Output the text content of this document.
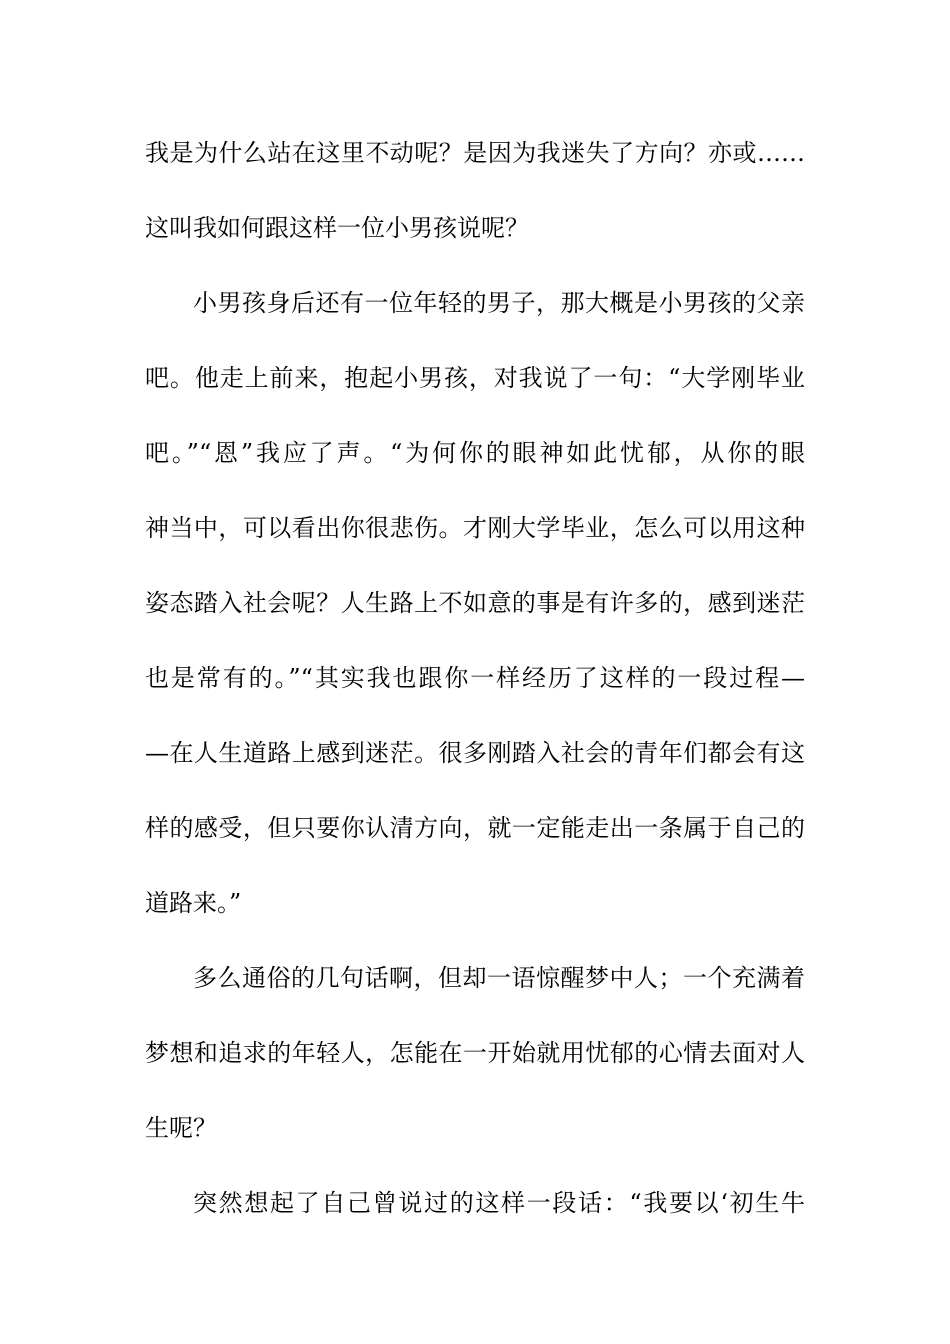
我是为什么站在这里不动呢？是因为我迷失了方向？亦或……
这叫我如何跟这样一位小男孩说呢？
小男孩身后还有一位年轻的男子，那大概是小男孩的父亲
吧。他走上前来，抱起小男孩，对我说了一句：“大学刚毕业
吧。”“恩”我应了声。“为何你的眼神如此忧郁，从你的眼
神当中，可以看出你很悲伤。才刚大学毕业，怎么可以用这种
姿态踏入社会呢？人生路上不如意的事是有许多的，感到迷茫
也是常有的。”“其实我也跟你一样经历了这样的一段过程—
—在人生道路上感到迷茫。很多刚踏入社会的青年们都会有这
样的感受，但只要你认清方向，就一定能走出一条属于自己的
道路来。”
多么通俗的几句话啊，但却一语惊醒梦中人；一个充满着
梦想和追求的年轻人，怎能在一开始就用忧郁的心情去面对人
生呢？
突然想起了自己曾说过的这样一段话：“我要以‘初生牛
